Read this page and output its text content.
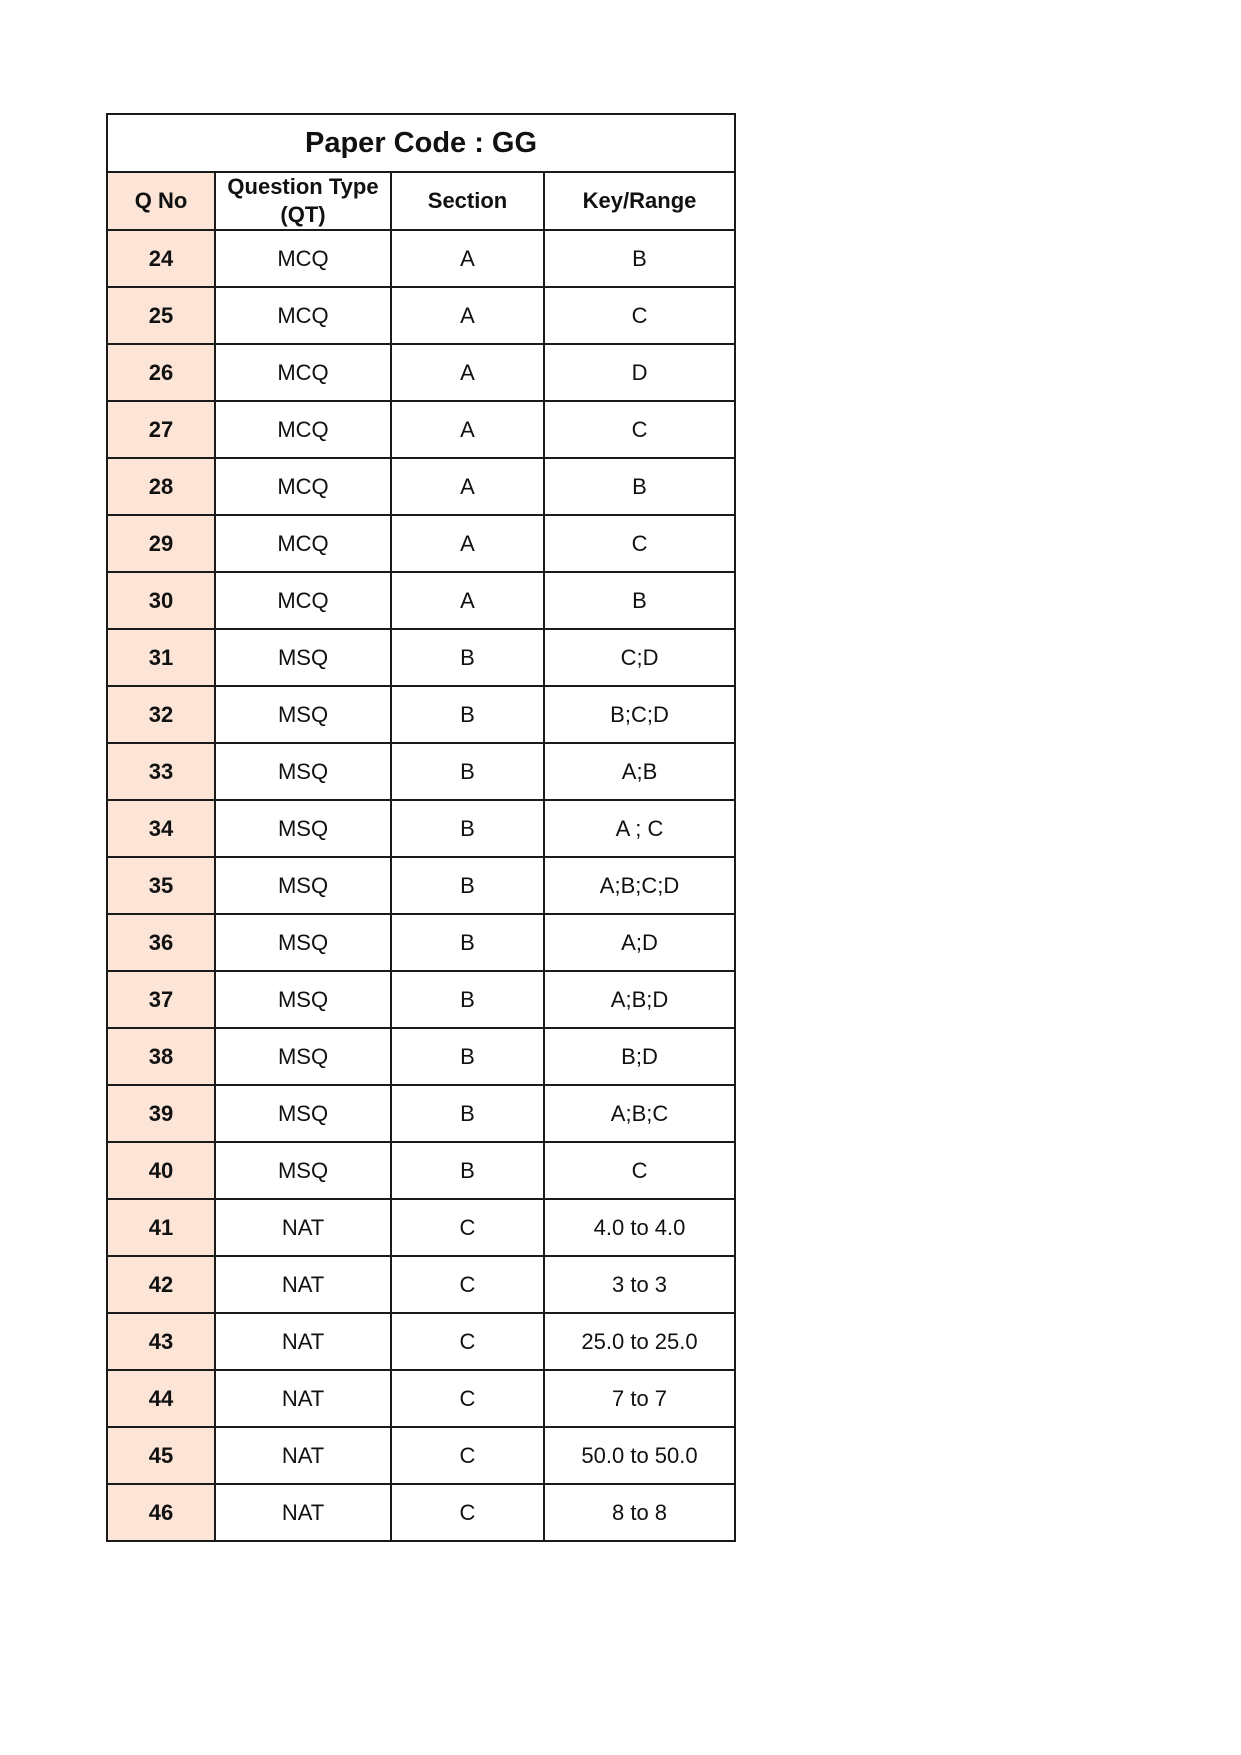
Paper Code : GG			
Q No	Question Type (QT)	Section	Key/Range
24	MCQ	A	B
25	MCQ	A	C
26	MCQ	A	D
27	MCQ	A	C
28	MCQ	A	B
29	MCQ	A	C
30	MCQ	A	B
31	MSQ	B	C;D
32	MSQ	B	B;C;D
33	MSQ	B	A;B
34	MSQ	B	A ; C
35	MSQ	B	A;B;C;D
36	MSQ	B	A;D
37	MSQ	B	A;B;D
38	MSQ	B	B;D
39	MSQ	B	A;B;C
40	MSQ	B	C
41	NAT	C	4.0 to 4.0
42	NAT	C	3 to 3
43	NAT	C	25.0 to 25.0
44	NAT	C	7 to 7
45	NAT	C	50.0 to 50.0
46	NAT	C	8 to 8
